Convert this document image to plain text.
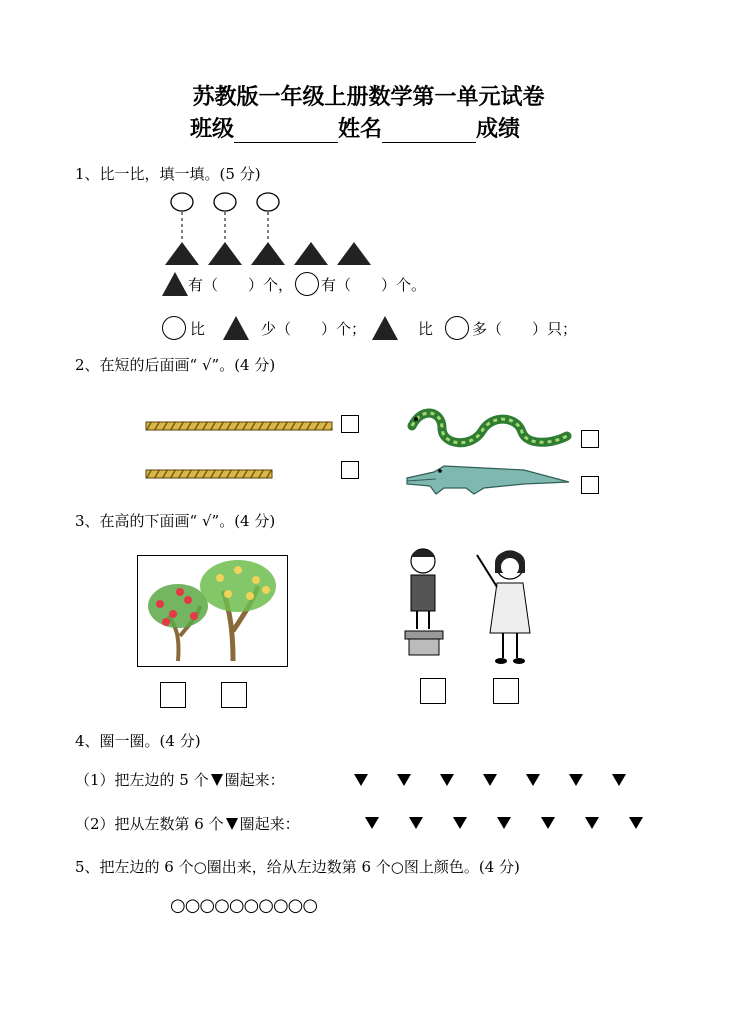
苏教版一年级上册数学第一单元试卷
班级	姓名	成绩
1、比一比，填一填。(5 分)
有（　　）个， 有（　　）个。
比	少（　　）个；	比	多（　　）只；
2、在短的后面画“ √”。(4 分)
3、在高的下面画“ √”。(4 分)
4、圈一圈。(4 分)
（1）把左边的 5 个 圈起来：
（2）把从左数第 6 个 圈起来：
5、把左边的 6 个○圈出来，给从左边数第 6 个○图上颜色。(4 分)
○○○○○○○○○○
